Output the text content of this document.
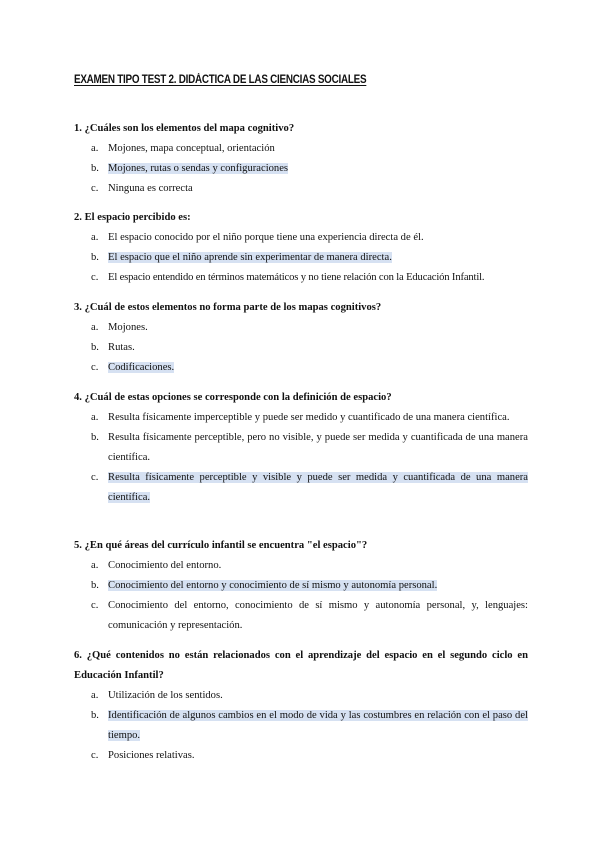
EXAMEN TIPO TEST 2. DIDÁCTICA DE LAS CIENCIAS SOCIALES
1. ¿Cuáles son los elementos del mapa cognitivo?
a. Mojones, mapa conceptual, orientación
b. Mojones, rutas o sendas y configuraciones
c. Ninguna es correcta
2. El espacio percibido es:
a. El espacio conocido por el niño porque tiene una experiencia directa de él.
b. El espacio que el niño aprende sin experimentar de manera directa.
c. El espacio entendido en términos matemáticos y no tiene relación con la Educación Infantil.
3. ¿Cuál de estos elementos no forma parte de los mapas cognitivos?
a. Mojones.
b. Rutas.
c. Codificaciones.
4. ¿Cuál de estas opciones se corresponde con la definición de espacio?
a. Resulta físicamente imperceptible y puede ser medido y cuantificado de una manera científica.
b. Resulta físicamente perceptible, pero no visible, y puede ser medida y cuantificada de una manera científica.
c. Resulta físicamente perceptible y visible y puede ser medida y cuantificada de una manera científica.
5. ¿En qué áreas del currículo infantil se encuentra "el espacio"?
a. Conocimiento del entorno.
b. Conocimiento del entorno y conocimiento de sí mismo y autonomía personal.
c. Conocimiento del entorno, conocimiento de sí mismo y autonomía personal, y, lenguajes: comunicación y representación.
6. ¿Qué contenidos no están relacionados con el aprendizaje del espacio en el segundo ciclo en Educación Infantil?
a. Utilización de los sentidos.
b. Identificación de algunos cambios en el modo de vida y las costumbres en relación con el paso del tiempo.
c. Posiciones relativas.
